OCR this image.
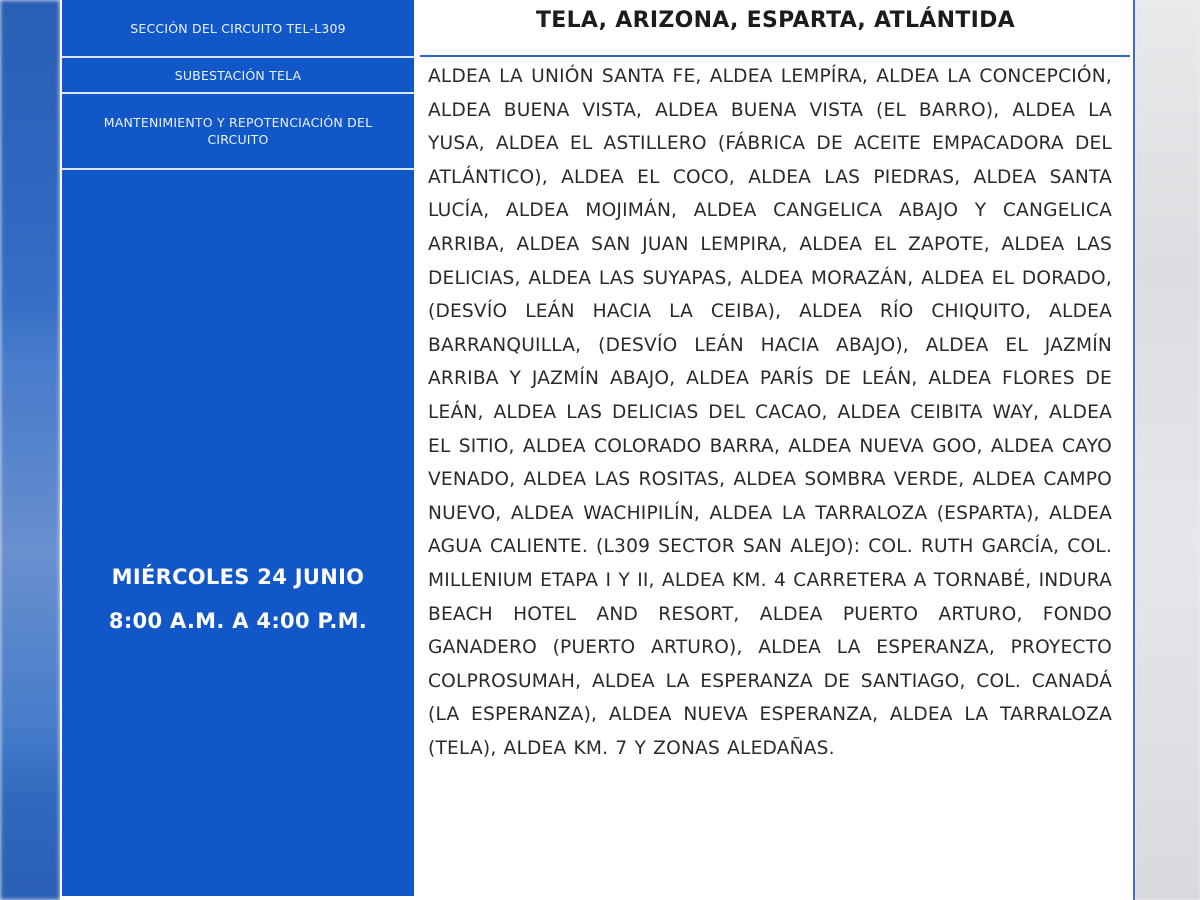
SECCIÓN DEL CIRCUITO TEL-L309
SUBESTACIÓN TELA
MANTENIMIENTO Y REPOTENCIACIÓN DEL CIRCUITO
MIÉRCOLES 24 JUNIO
8:00 A.M. A 4:00 P.M.
TELA, ARIZONA, ESPARTA, ATLÁNTIDA
ALDEA LA UNIÓN SANTA FE, ALDEA LEMPÍRA, ALDEA LA CONCEPCIÓN, ALDEA BUENA VISTA, ALDEA BUENA VISTA (EL BARRO), ALDEA LA YUSA, ALDEA EL ASTILLERO (FÁBRICA DE ACEITE EMPACADORA DEL ATLÁNTICO), ALDEA EL COCO, ALDEA LAS PIEDRAS, ALDEA SANTA LUCÍA, ALDEA MOJIMÁN, ALDEA CANGELICA ABAJO Y CANGELICA ARRIBA, ALDEA SAN JUAN LEMPIRA, ALDEA EL ZAPOTE, ALDEA LAS DELICIAS, ALDEA LAS SUYAPAS, ALDEA MORAZÁN, ALDEA EL DORADO, (DESVÍO LEÁN HACIA LA CEIBA), ALDEA RÍO CHIQUITO, ALDEA BARRANQUILLA, (DESVÍO LEÁN HACIA ABAJO), ALDEA EL JAZMÍN ARRIBA Y JAZMÍN ABAJO, ALDEA PARÍS DE LEÁN, ALDEA FLORES DE LEÁN, ALDEA LAS DELICIAS DEL CACAO, ALDEA CEIBITA WAY, ALDEA EL SITIO, ALDEA COLORADO BARRA, ALDEA NUEVA GOO, ALDEA CAYO VENADO, ALDEA LAS ROSITAS, ALDEA SOMBRA VERDE, ALDEA CAMPO NUEVO, ALDEA WACHIPILÍN, ALDEA LA TARRALOZA (ESPARTA), ALDEA AGUA CALIENTE. (L309 SECTOR SAN ALEJO): COL. RUTH GARCÍA, COL. MILLENIUM ETAPA I Y II, ALDEA KM. 4 CARRETERA A TORNABÉ, INDURA BEACH HOTEL AND RESORT, ALDEA PUERTO ARTURO, FONDO GANADERO (PUERTO ARTURO), ALDEA LA ESPERANZA, PROYECTO COLPROSUMAH, ALDEA LA ESPERANZA DE SANTIAGO, COL. CANADÁ (LA ESPERANZA), ALDEA NUEVA ESPERANZA, ALDEA LA TARRALOZA (TELA), ALDEA KM. 7 Y ZONAS ALEDAÑAS.
